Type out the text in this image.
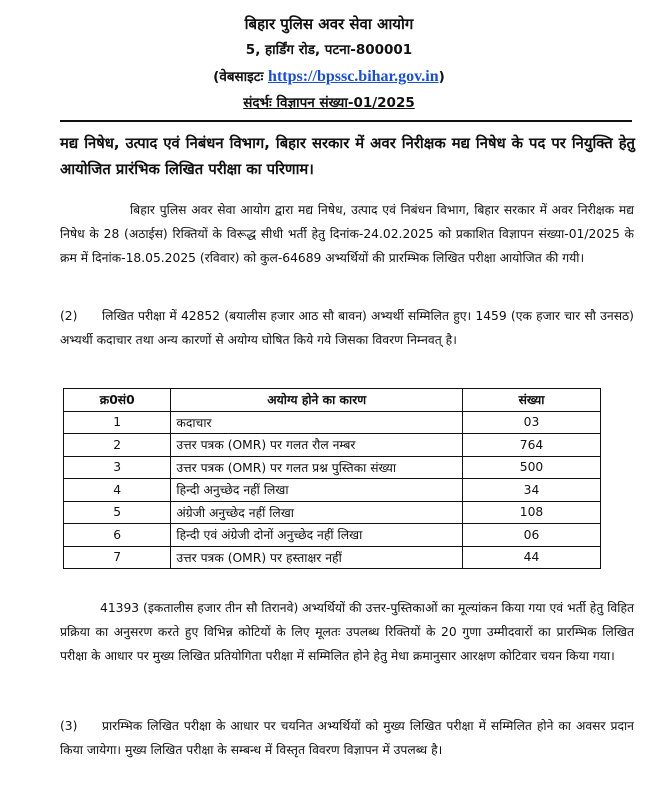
बिहार पुलिस अवर सेवा आयोग
5, हार्डिंग रोड, पटना-800001
(वेबसाइटः https://bpssc.bihar.gov.in)
संदर्भः विज्ञापन संख्या-01/2025
मद्य निषेध, उत्पाद एवं निबंधन विभाग, बिहार सरकार में अवर निरीक्षक मद्य निषेध के पद पर नियुक्ति हेतु आयोजित प्रारंभिक लिखित परीक्षा का परिणाम।
बिहार पुलिस अवर सेवा आयोग द्वारा मद्य निषेध, उत्पाद एवं निबंधन विभाग, बिहार सरकार में अवर निरीक्षक मद्य निषेध के 28 (अठाईस) रिक्तियों के विरूद्ध सीधी भर्ती हेतु दिनांक-24.02.2025 को प्रकाशित विज्ञापन संख्या-01/2025 के क्रम में दिनांक-18.05.2025 (रविवार) को कुल-64689 अभ्यर्थियों की प्रारम्भिक लिखित परीक्षा आयोजित की गयी।
(2) लिखित परीक्षा में 42852 (बयालीस हजार आठ सौ बावन) अभ्यर्थी सम्मिलित हुए। 1459 (एक हजार चार सौ उनसठ) अभ्यर्थी कदाचार तथा अन्य कारणों से अयोग्य घोषित किये गये जिसका विवरण निम्नवत् है।
क्र0सं0	अयोग्य होने का कारण	संख्या
1	कदाचार	03
2	उत्तर पत्रक (OMR) पर गलत रौल नम्बर	764
3	उत्तर पत्रक (OMR) पर गलत प्रश्न पुस्तिका संख्या	500
4	हिन्दी अनुच्छेद नहीं लिखा	34
5	अंग्रेजी अनुच्छेद नहीं लिखा	108
6	हिन्दी एवं अंग्रेजी दोनों अनुच्छेद नहीं लिखा	06
7	उत्तर पत्रक (OMR) पर हस्ताक्षर नहीं	44
41393 (इकतालीस हजार तीन सौ तिरानवे) अभ्यर्थियों की उत्तर-पुस्तिकाओं का मूल्यांकन किया गया एवं भर्ती हेतु विहित प्रक्रिया का अनुसरण करते हुए विभिन्न कोटियों के लिए मूलतः उपलब्ध रिक्तियों के 20 गुणा उम्मीदवारों का प्रारम्भिक लिखित परीक्षा के आधार पर मुख्य लिखित प्रतियोगिता परीक्षा में सम्मिलित होने हेतु मेधा क्रमानुसार आरक्षण कोटिवार चयन किया गया।
(3) प्रारम्भिक लिखित परीक्षा के आधार पर चयनित अभ्यर्थियों को मुख्य लिखित परीक्षा में सम्मिलित होने का अवसर प्रदान किया जायेगा। मुख्य लिखित परीक्षा के सम्बन्ध में विस्तृत विवरण विज्ञापन में उपलब्ध है।
